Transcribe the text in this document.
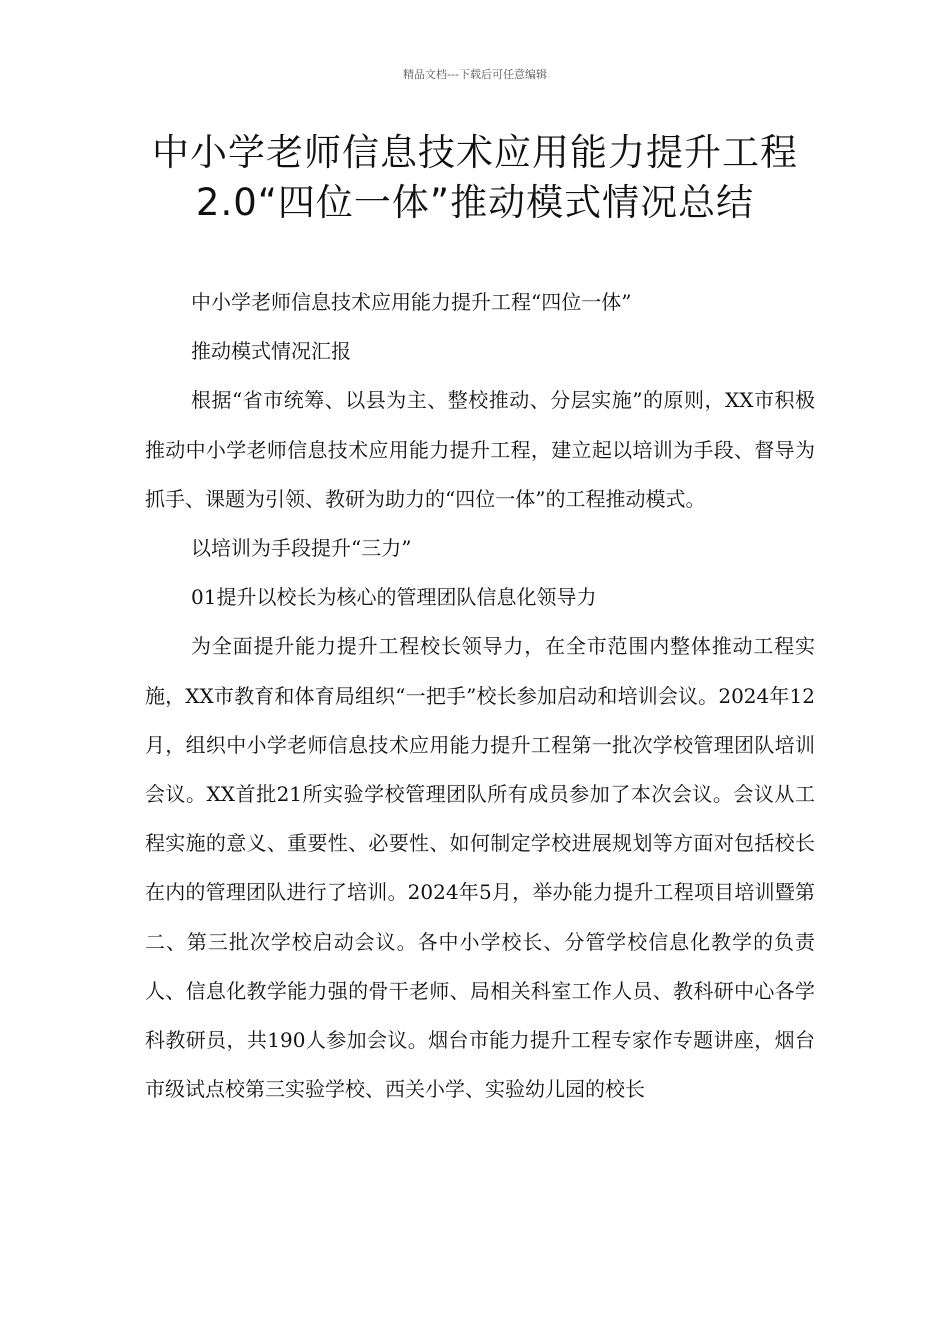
精品文档---下载后可任意编辑
中小学老师信息技术应用能力提升工程
2.0“四位一体”推动模式情况总结

中小学老师信息技术应用能力提升工程“四位一体”

推动模式情况汇报

根据“省市统筹、以县为主、整校推动、分层实施”的原则，XX市积极推动中小学老师信息技术应用能力提升工程，建立起以培训为手段、督导为抓手、课题为引领、教研为助力的“四位一体”的工程推动模式。

以培训为手段提升“三力”

01提升以校长为核心的管理团队信息化领导力

为全面提升能力提升工程校长领导力，在全市范围内整体推动工程实施，XX市教育和体育局组织“一把手”校长参加启动和培训会议。2024年12月，组织中小学老师信息技术应用能力提升工程第一批次学校管理团队培训会议。XX首批21所实验学校管理团队所有成员参加了本次会议。会议从工程实施的意义、重要性、必要性、如何制定学校进展规划等方面对包括校长在内的管理团队进行了培训。2024年5月，举办能力提升工程项目培训暨第二、第三批次学校启动会议。各中小学校长、分管学校信息化教学的负责人、信息化教学能力强的骨干老师、局相关科室工作人员、教科研中心各学科教研员，共190人参加会议。烟台市能力提升工程专家作专题讲座，烟台市级试点校第三实验学校、西关小学、实验幼儿园的校长
